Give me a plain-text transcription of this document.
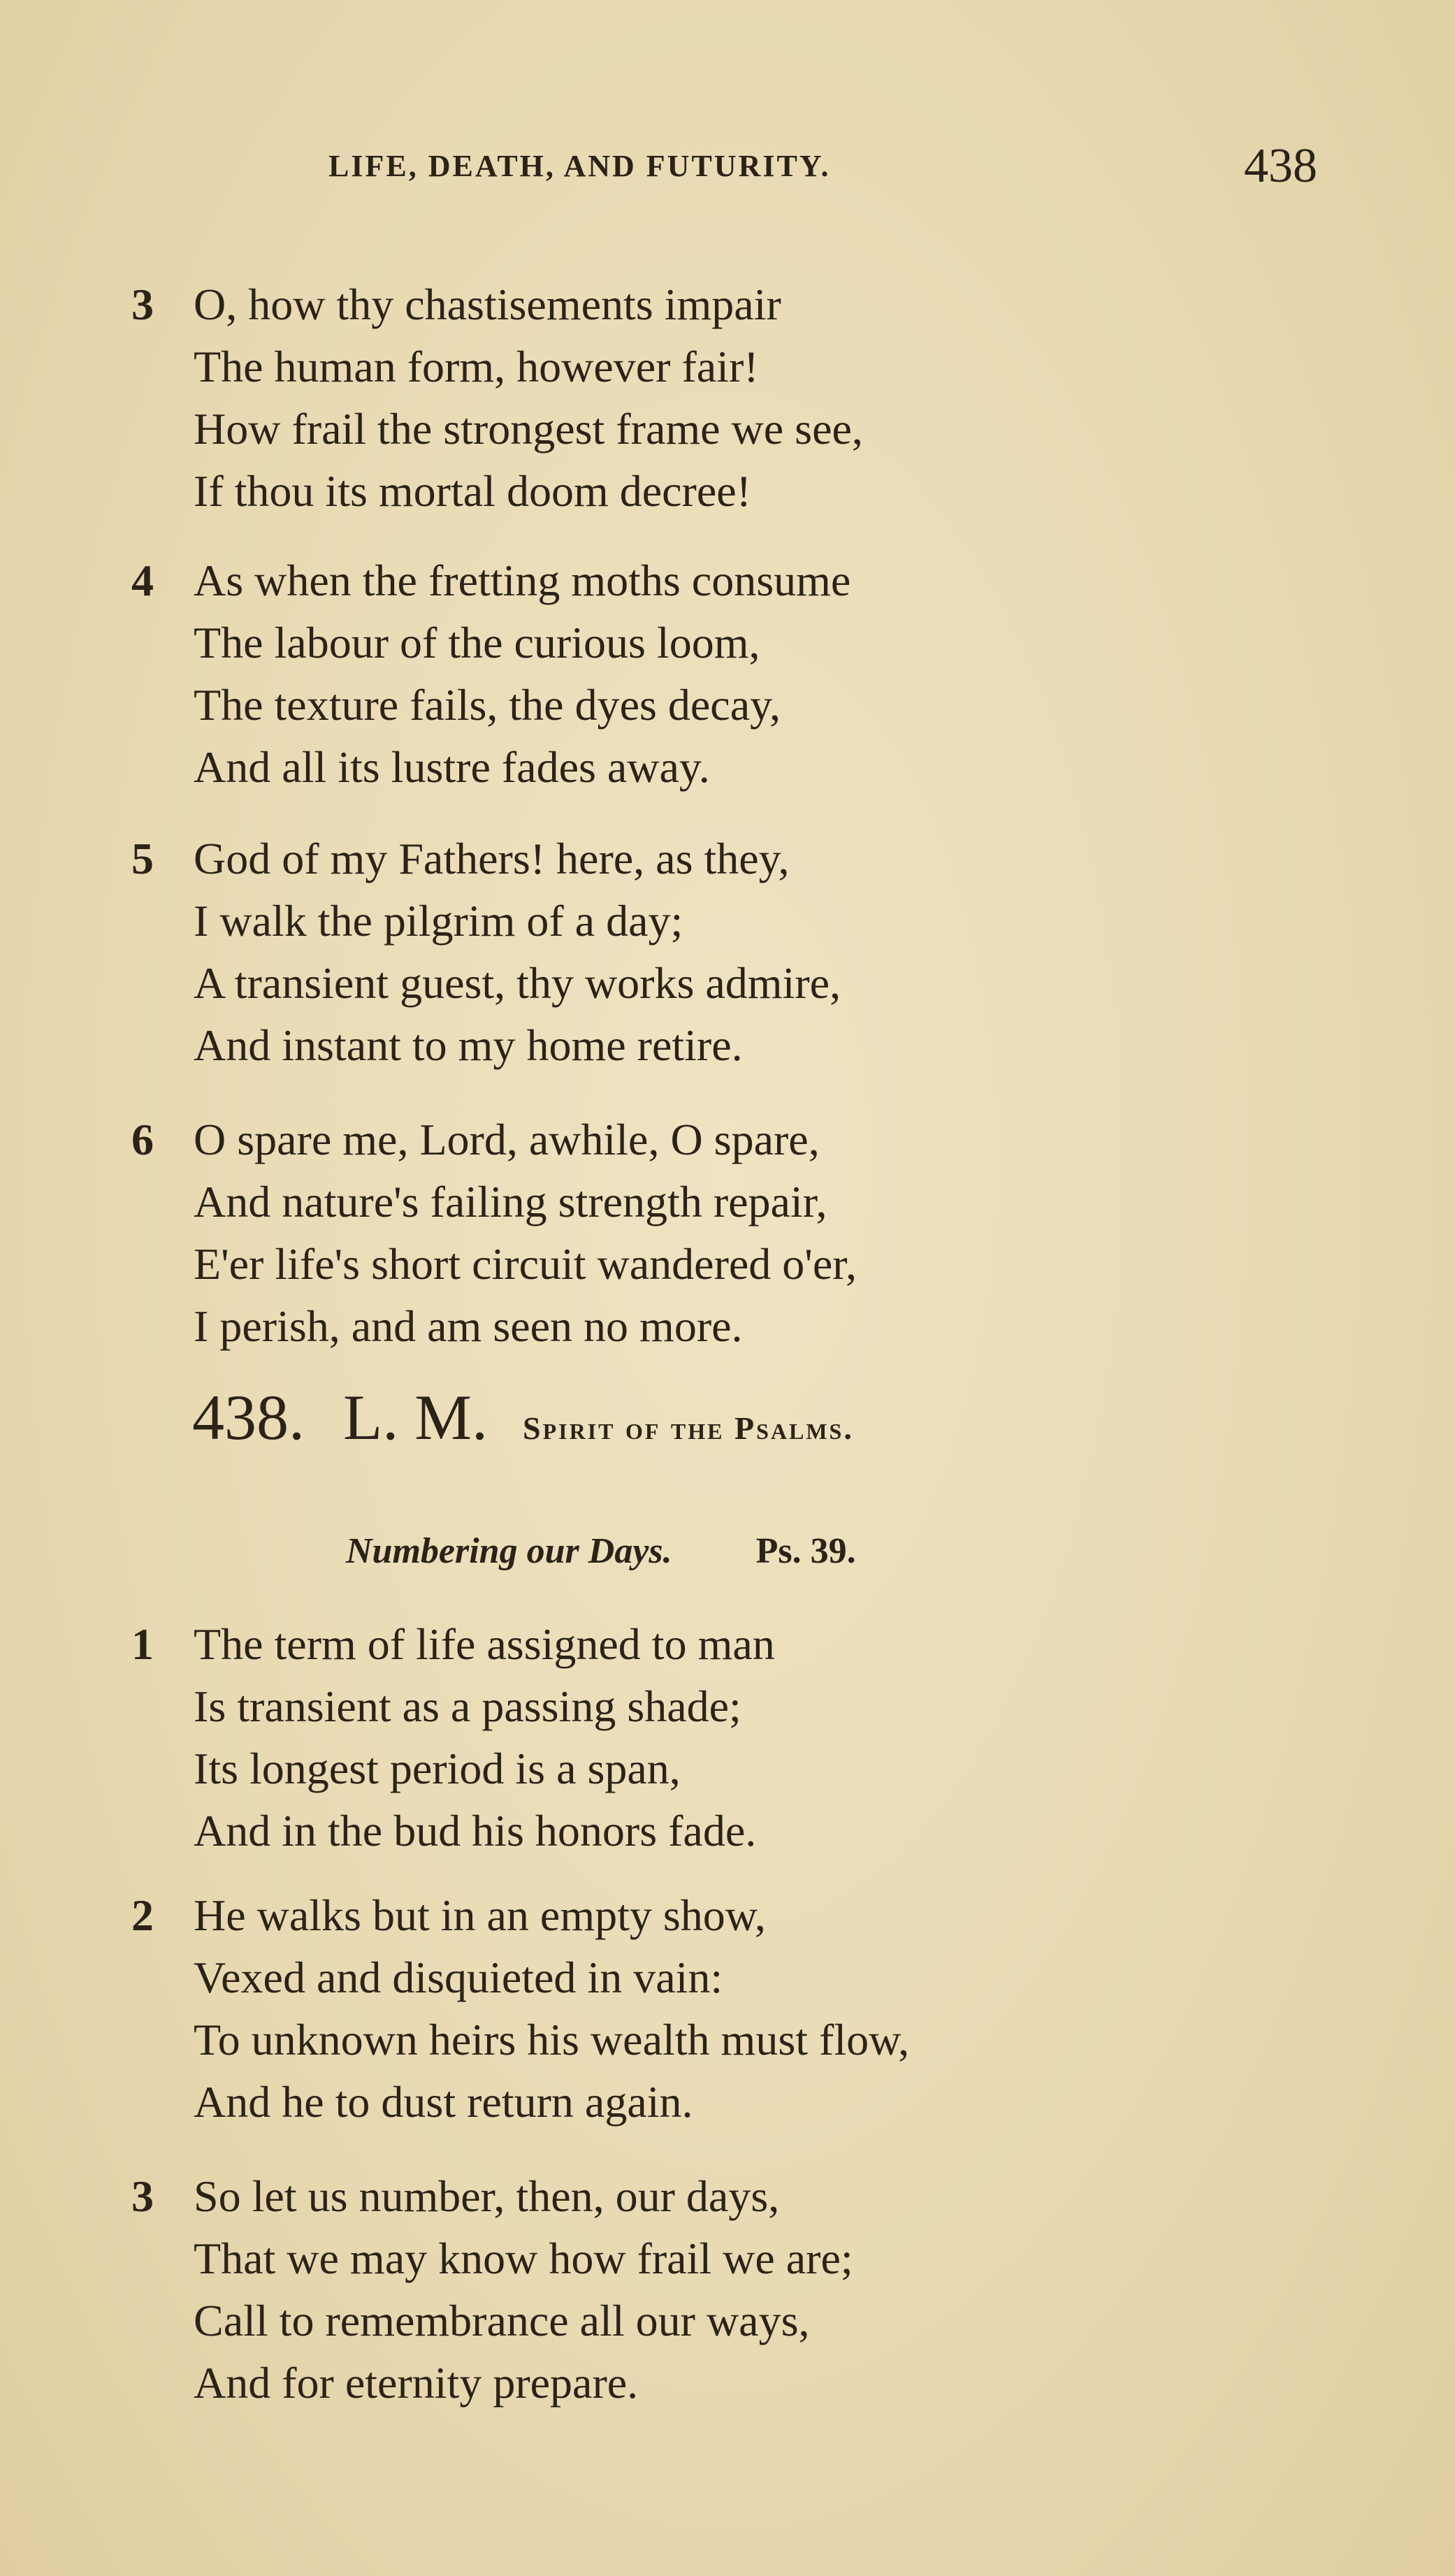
LIFE, DEATH, AND FUTURITY.	438
3 O, how thy chastisements impair
The human form, however fair!
How frail the strongest frame we see,
If thou its mortal doom decree!
4 As when the fretting moths consume
The labour of the curious loom,
The texture fails, the dyes decay,
And all its lustre fades away.
5 God of my Fathers! here, as they,
I walk the pilgrim of a day;
A transient guest, thy works admire,
And instant to my home retire.
6 O spare me, Lord, awhile, O spare,
And nature's failing strength repair,
E'er life's short circuit wandered o'er,
I perish, and am seen no more.
438. L. M. Spirit of the Psalms.
Numbering our Days. Ps. 39.
1 The term of life assigned to man
Is transient as a passing shade;
Its longest period is a span,
And in the bud his honors fade.
2 He walks but in an empty show,
Vexed and disquieted in vain:
To unknown heirs his wealth must flow,
And he to dust return again.
3 So let us number, then, our days,
That we may know how frail we are;
Call to remembrance all our ways,
And for eternity prepare.
